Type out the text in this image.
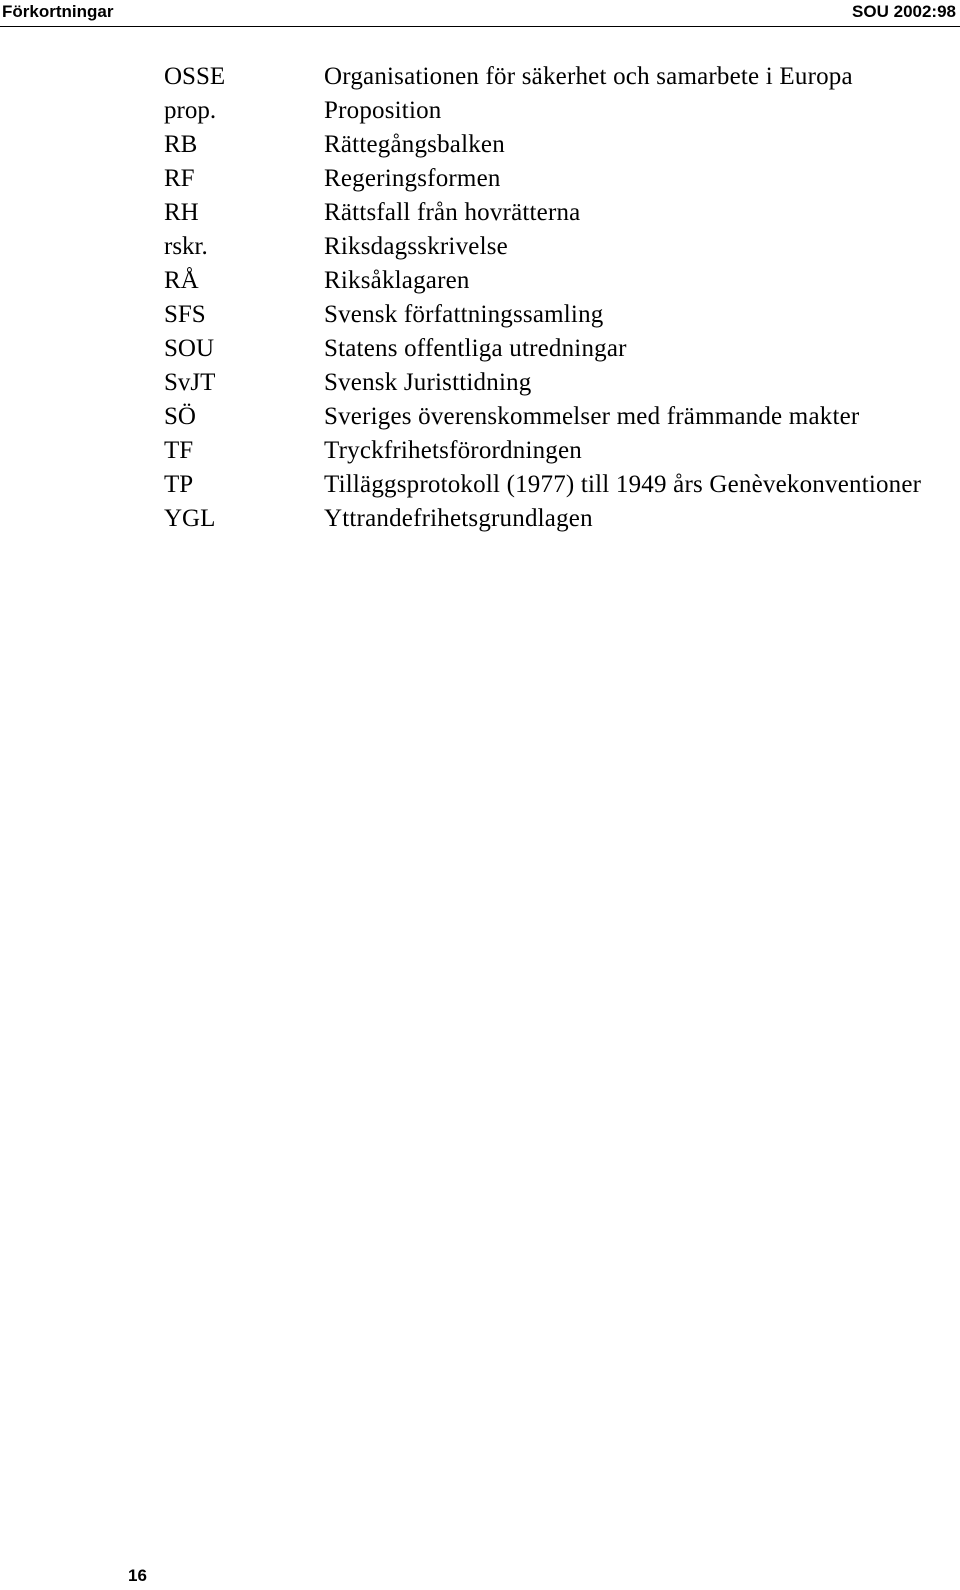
Förkortningar	SOU 2002:98
OSSE	Organisationen för säkerhet och samarbete i Europa
prop.	Proposition
RB	Rättegångsbalken
RF	Regeringsformen
RH	Rättsfall från hovrätterna
rskr.	Riksdagsskrivelse
RÅ	Riksåklagaren
SFS	Svensk författningssamling
SOU	Statens offentliga utredningar
SvJT	Svensk Juristtidning
SÖ	Sveriges överenskommelser med främmande makter
TF	Tryckfrihetsförordningen
TP	Tilläggsprotokoll (1977) till 1949 års Genèvekonventioner
YGL	Yttrandefrihetsgrundlagen
16
